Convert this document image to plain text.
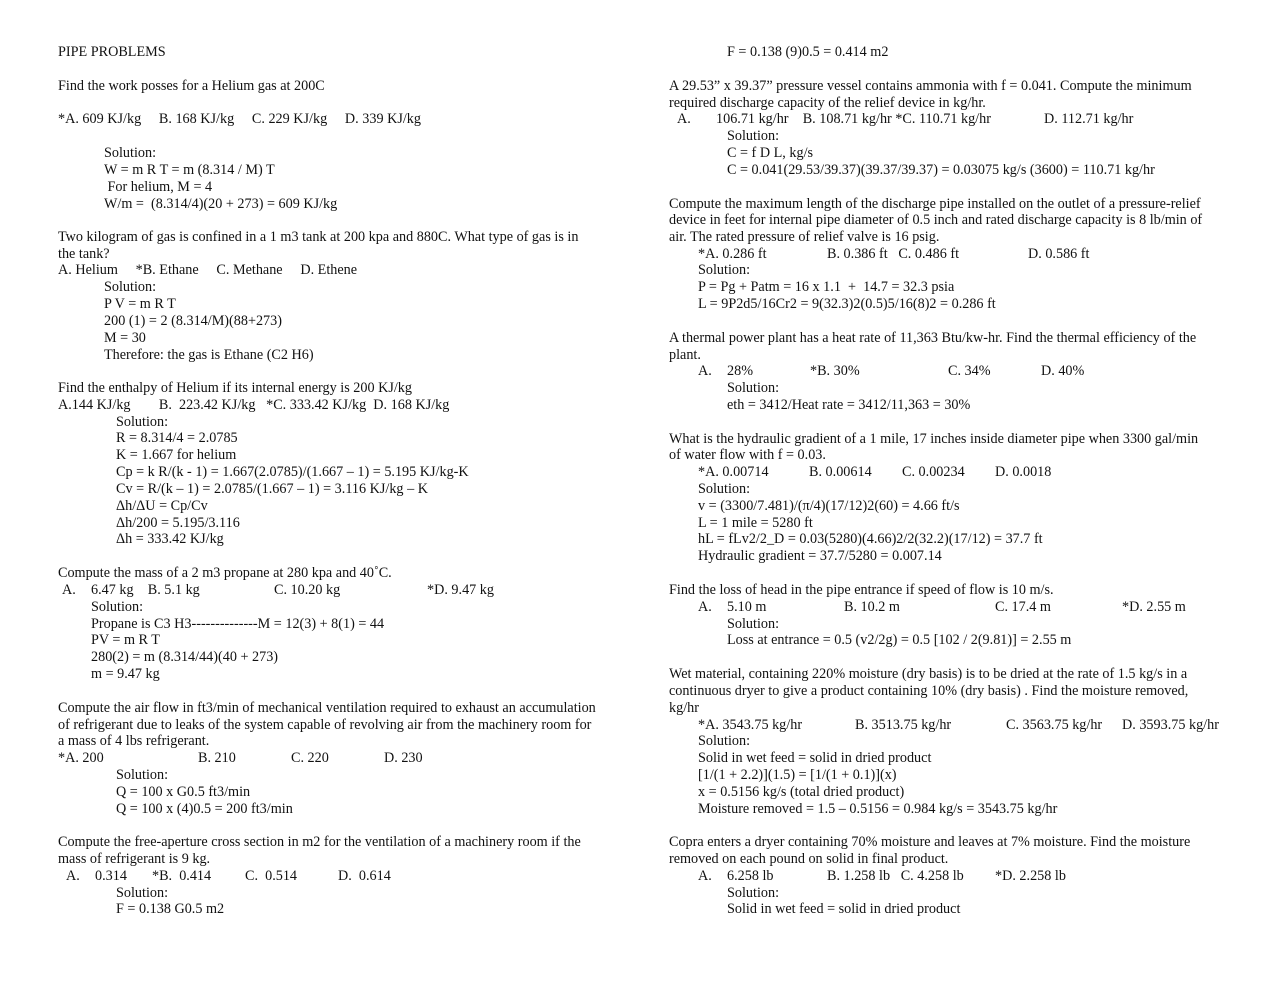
PIPE PROBLEMS
Find the work posses for a Helium gas at 200C
*A. 609 KJ/kg     B. 168 KJ/kg     C. 229 KJ/kg     D. 339 KJ/kg
Solution:
W = m R T = m (8.314 / M) T
For helium, M = 4
W/m =  (8.314/4)(20 + 273) = 609 KJ/kg
Two kilogram of gas is confined in a 1 m3 tank at 200 kpa and 880C. What type of gas is in
the tank?
A. Helium     *B. Ethane     C. Methane     D. Ethene
Solution:
P V = m R T
200 (1) = 2 (8.314/M)(88+273)
M = 30
Therefore: the gas is Ethane (C2 H6)
Find the enthalpy of Helium if its internal energy is 200 KJ/kg
A.144 KJ/kg        B.  223.42 KJ/kg   *C. 333.42 KJ/kg  D. 168 KJ/kg
Solution:
R = 8.314/4 = 2.0785
K = 1.667 for helium
Cp = k R/(k - 1) = 1.667(2.0785)/(1.667 – 1) = 5.195 KJ/kg-K
Cv = R/(k – 1) = 2.0785/(1.667 – 1) = 3.116 KJ/kg – K
Δh/ΔU = Cp/Cv
Δh/200 = 5.195/3.116
Δh = 333.42 KJ/kg
Compute the mass of a 2 m3 propane at 280 kpa and 40˚C.
A. 6.47 kg    B. 5.1 kg	C. 10.20 kg	*D. 9.47 kg
Solution:
Propane is C3 H3--------------M = 12(3) + 8(1) = 44
PV = m R T
280(2) = m (8.314/44)(40 + 273)
m = 9.47 kg
Compute the air flow in ft3/min of mechanical ventilation required to exhaust an accumulation
of refrigerant due to leaks of the system capable of revolving air from the machinery room for
a mass of 4 lbs refrigerant.
*A. 200	B. 210	C. 220	D. 230
Solution:
Q = 100 x G0.5 ft3/min
Q = 100 x (4)0.5 = 200 ft3/min
Compute the free-aperture cross section in m2 for the ventilation of a machinery room if the
mass of refrigerant is 9 kg.
A. 0.314 *B.  0.414 C.  0.514	D.  0.614
Solution:
F = 0.138 G0.5 m2
F = 0.138 (9)0.5 = 0.414 m2
A 29.53” x 39.37” pressure vessel contains ammonia with f = 0.041. Compute the minimum
required discharge capacity of the relief device in kg/hr.
A. 106.71 kg/hr    B. 108.71 kg/hr *C. 110.71 kg/hr	D. 112.71 kg/hr
Solution:
C = f D L, kg/s
C = 0.041(29.53/39.37)(39.37/39.37) = 0.03075 kg/s (3600) = 110.71 kg/hr
Compute the maximum length of the discharge pipe installed on the outlet of a pressure-relief
device in feet for internal pipe diameter of 0.5 inch and rated discharge capacity is 8 lb/min of
air. The rated pressure of relief valve is 16 psig.
*A. 0.286 ft	B. 0.386 ft   C. 0.486 ft	D. 0.586 ft
Solution:
P = Pg + Patm = 16 x 1.1  +  14.7 = 32.3 psia
L = 9P2d5/16Cr2 = 9(32.3)2(0.5)5/16(8)2 = 0.286 ft
A thermal power plant has a heat rate of 11,363 Btu/kw-hr. Find the thermal efficiency of the
plant.
A. 28%	*B. 30%	C. 34%	D. 40%
Solution:
eth = 3412/Heat rate = 3412/11,363 = 30%
What is the hydraulic gradient of a 1 mile, 17 inches inside diameter pipe when 3300 gal/min
of water flow with f = 0.03.
*A. 0.00714	B. 0.00614 C. 0.00234 D. 0.0018
Solution:
v = (3300/7.481)/(π/4)(17/12)2(60) = 4.66 ft/s
L = 1 mile = 5280 ft
hL = fLv2/2_D = 0.03(5280)(4.66)2/2(32.2)(17/12) = 37.7 ft
Hydraulic gradient = 37.7/5280 = 0.007.14
Find the loss of head in the pipe entrance if speed of flow is 10 m/s.
A. 5.10 m	B. 10.2 m	C. 17.4 m	*D. 2.55 m
Solution:
Loss at entrance = 0.5 (v2/2g) = 0.5 [102 / 2(9.81)] = 2.55 m
Wet material, containing 220% moisture (dry basis) is to be dried at the rate of 1.5 kg/s in a
continuous dryer to give a product containing 10% (dry basis) . Find the moisture removed,
kg/hr
*A. 3543.75 kg/hr	B. 3513.75 kg/hr	C. 3563.75 kg/hr D. 3593.75 kg/hr
Solution:
Solid in wet feed = solid in dried product
[1/(1 + 2.2)](1.5) = [1/(1 + 0.1)](x)
x = 0.5156 kg/s (total dried product)
Moisture removed = 1.5 – 0.5156 = 0.984 kg/s = 3543.75 kg/hr
Copra enters a dryer containing 70% moisture and leaves at 7% moisture. Find the moisture
removed on each pound on solid in final product.
A. 6.258 lb	B. 1.258 lb   C. 4.258 lb *D. 2.258 lb
Solution:
Solid in wet feed = solid in dried product
